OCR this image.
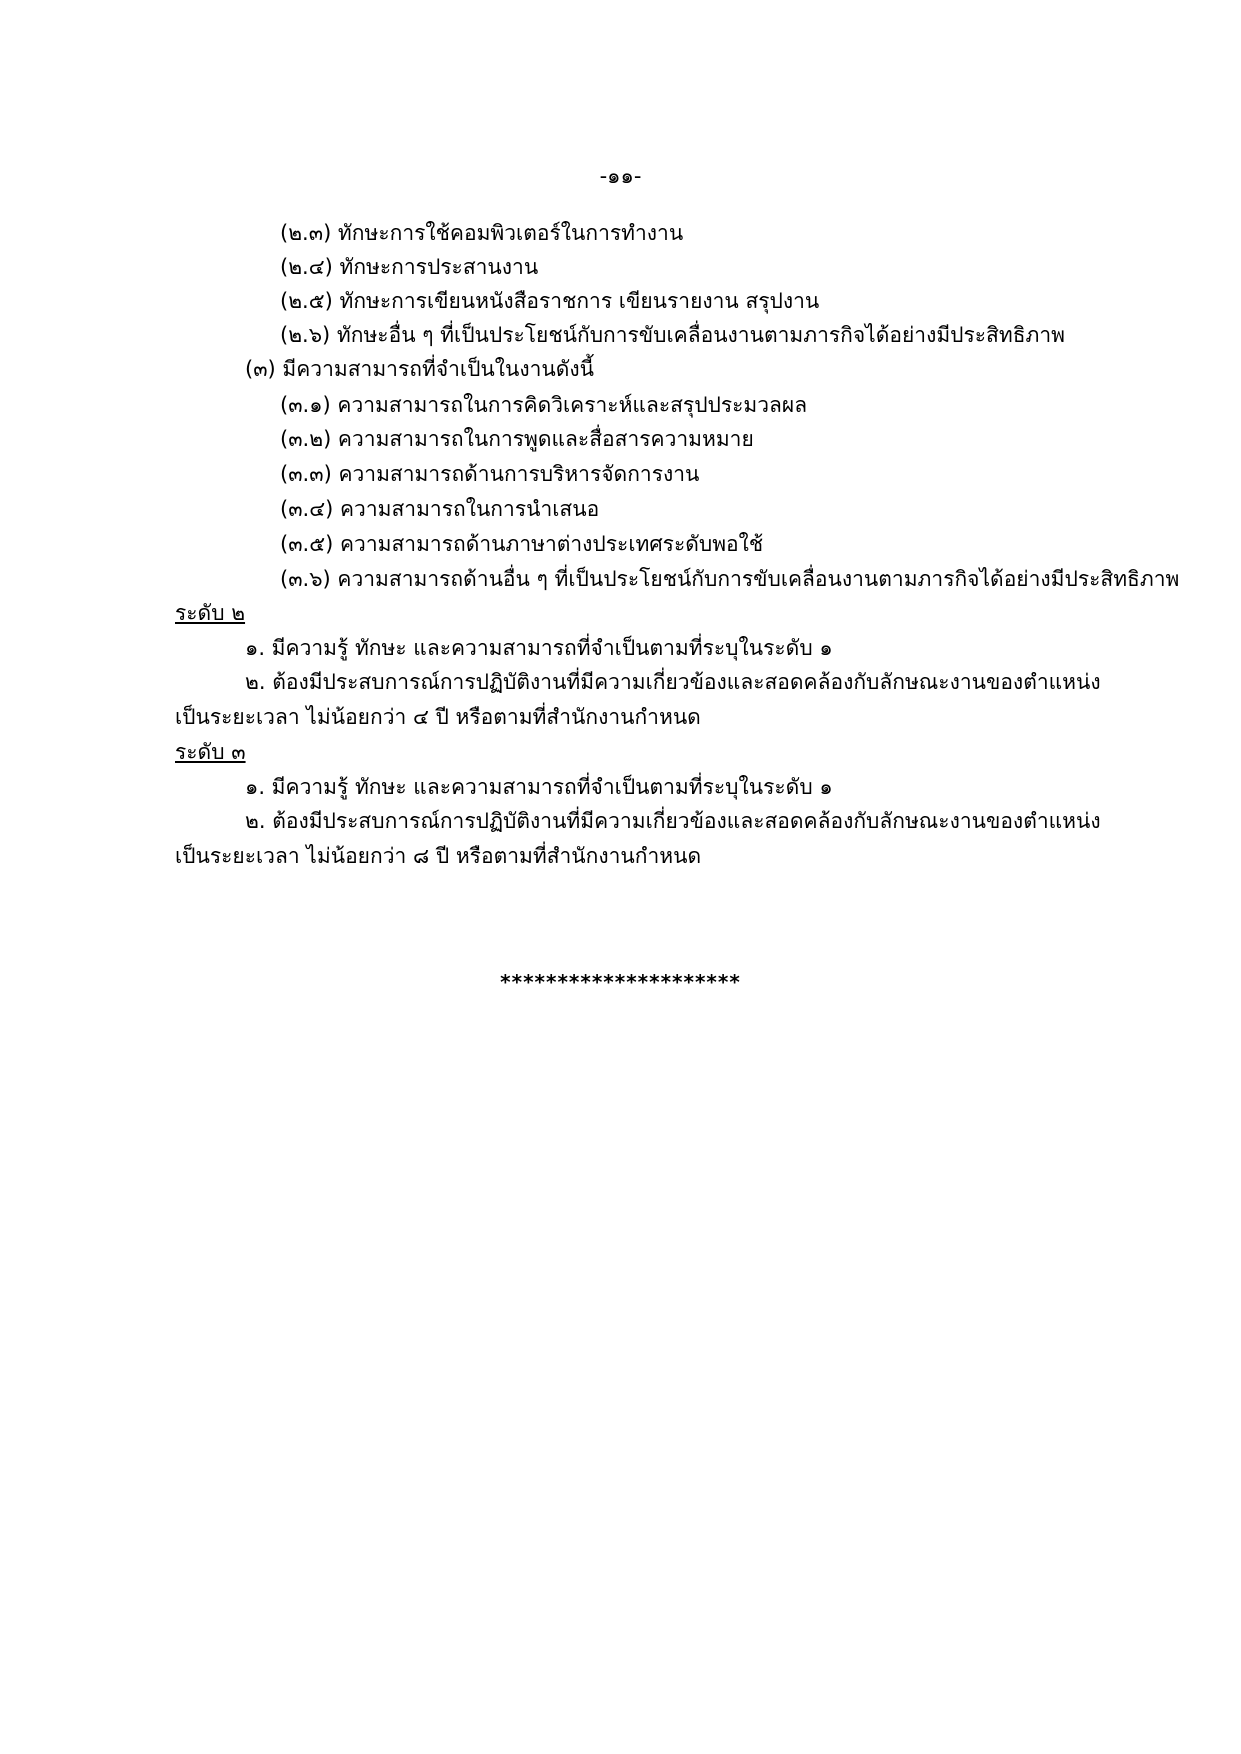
-๑๑-
(๒.๓) ทักษะการใช้คอมพิวเตอร์ในการทำงาน
(๒.๔) ทักษะการประสานงาน
(๒.๕) ทักษะการเขียนหนังสือราชการ เขียนรายงาน สรุปงาน
(๒.๖) ทักษะอื่น ๆ ที่เป็นประโยชน์กับการขับเคลื่อนงานตามภารกิจได้อย่างมีประสิทธิภาพ
(๓) มีความสามารถที่จำเป็นในงานดังนี้
(๓.๑) ความสามารถในการคิดวิเคราะห์และสรุปประมวลผล
(๓.๒) ความสามารถในการพูดและสื่อสารความหมาย
(๓.๓) ความสามารถด้านการบริหารจัดการงาน
(๓.๔) ความสามารถในการนำเสนอ
(๓.๕) ความสามารถด้านภาษาต่างประเทศระดับพอใช้
(๓.๖) ความสามารถด้านอื่น ๆ ที่เป็นประโยชน์กับการขับเคลื่อนงานตามภารกิจได้อย่างมีประสิทธิภาพ
ระดับ ๒
๑. มีความรู้ ทักษะ และความสามารถที่จำเป็นตามที่ระบุในระดับ ๑
๒. ต้องมีประสบการณ์การปฏิบัติงานที่มีความเกี่ยวข้องและสอดคล้องกับลักษณะงานของตำแหน่ง
เป็นระยะเวลา ไม่น้อยกว่า ๔ ปี หรือตามที่สำนักงานกำหนด
ระดับ ๓
๑. มีความรู้ ทักษะ และความสามารถที่จำเป็นตามที่ระบุในระดับ ๑
๒. ต้องมีประสบการณ์การปฏิบัติงานที่มีความเกี่ยวข้องและสอดคล้องกับลักษณะงานของตำแหน่ง
เป็นระยะเวลา ไม่น้อยกว่า ๘ ปี หรือตามที่สำนักงานกำหนด
*********************
